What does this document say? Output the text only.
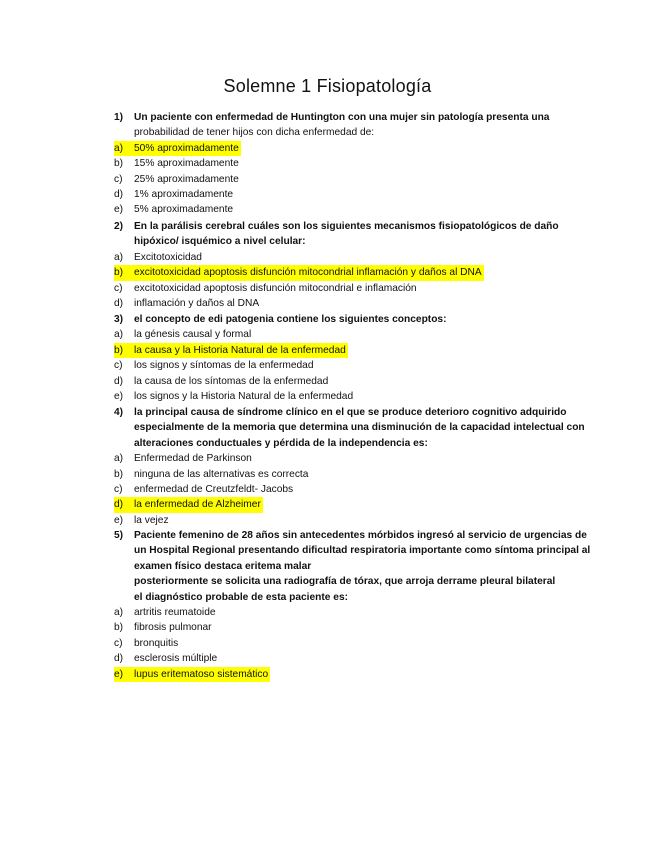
Solemne 1 Fisiopatología
1)	Un paciente con enfermedad de Huntington con una mujer sin patología presenta una
probabilidad de tener hijos con dicha enfermedad de:
a)	50% aproximadamente
b)	15% aproximadamente
c)	25% aproximadamente
d)	1% aproximadamente
e)	5% aproximadamente
2)	En la parálisis cerebral cuáles son los siguientes mecanismos fisiopatológicos de daño
hipóxico/ isquémico a nivel celular:
a)	Excitotoxicidad
b)	excitotoxicidad apoptosis disfunción mitocondrial inflamación y daños al DNA
c)	excitotoxicidad apoptosis disfunción mitocondrial e inflamación
d)	inflamación y daños al DNA
3)	el concepto de edi patogenia contiene los siguientes conceptos:
a)	la génesis causal y formal
b)	la causa y la Historia Natural de la enfermedad
c)	los signos y síntomas de la enfermedad
d)	la causa de los síntomas de la enfermedad
e)	los signos y la Historia Natural de la enfermedad
4)	la principal causa de síndrome clínico en el que se produce deterioro cognitivo adquirido
especialmente de la memoria que determina una disminución de la capacidad intelectual con
alteraciones conductuales y pérdida de la independencia es:
a)	Enfermedad de Parkinson
b)	ninguna de las alternativas es correcta
c)	enfermedad de Creutzfeldt- Jacobs
d)	la enfermedad de Alzheimer
e)	la vejez
5)	Paciente femenino de 28 años sin antecedentes mórbidos ingresó al servicio de urgencias de
un Hospital Regional presentando dificultad respiratoria importante como síntoma principal al
examen físico destaca eritema malar
posteriormente se solicita una radiografía de tórax, que arroja derrame pleural bilateral
el diagnóstico probable de esta paciente es:
a)	artritis reumatoide
b)	fibrosis pulmonar
c)	bronquitis
d)	esclerosis múltiple
e)	lupus eritematoso sistemático
